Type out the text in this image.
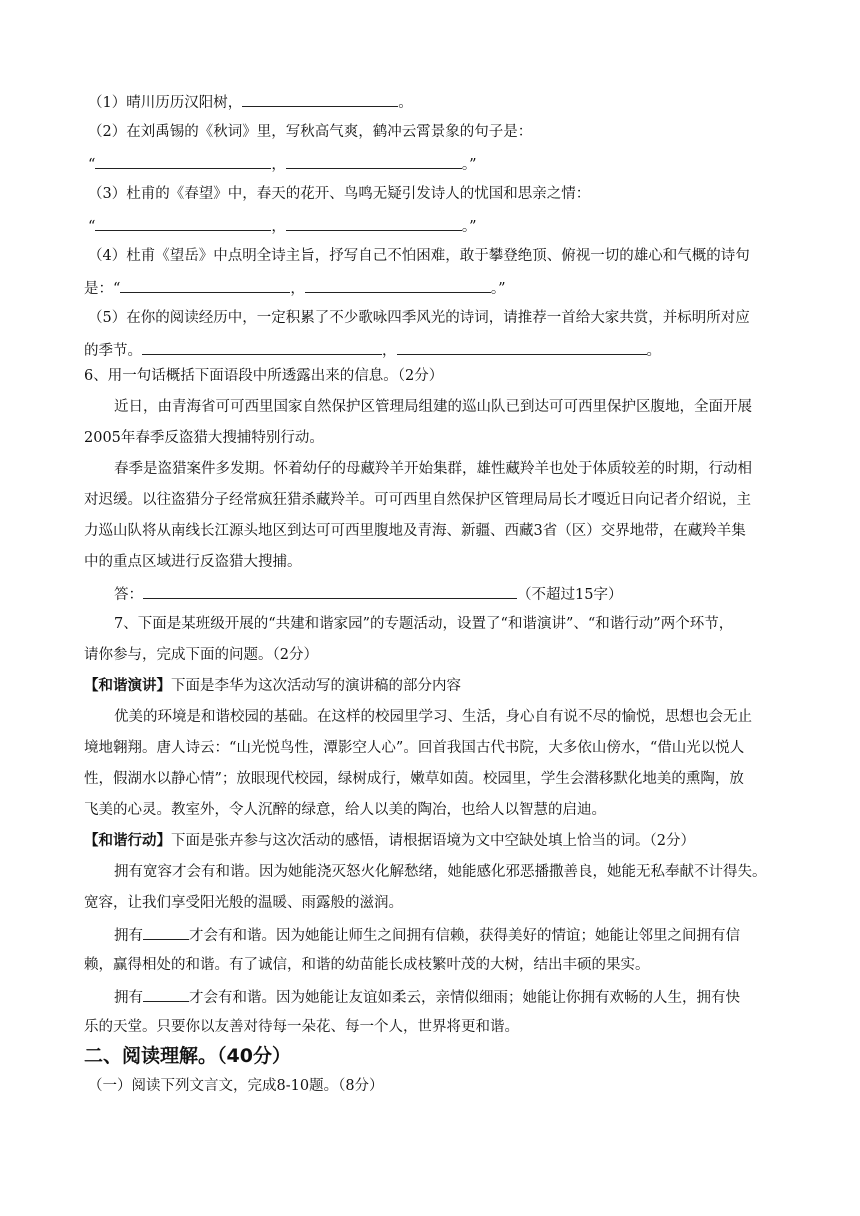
（1）晴川历历汉阳树，	。
（2）在刘禹锡的《秋词》里，写秋高气爽，鹤冲云霄景象的句子是：
“	，	。”
（3）杜甫的《春望》中，春天的花开、鸟鸣无疑引发诗人的忧国和思亲之情：
“	，	。”
（4）杜甫《望岳》中点明全诗主旨，抒写自己不怕困难，敢于攀登绝顶、俯视一切的雄心和气概的诗句
是：“	，	。”
（5）在你的阅读经历中，一定积累了不少歌咏四季风光的诗词，请推荐一首给大家共赏，并标明所对应
的季节。	，	。
6、用一句话概括下面语段中所透露出来的信息。（2分）
近日，由青海省可可西里国家自然保护区管理局组建的巡山队已到达可可西里保护区腹地，全面开展
2005年春季反盗猎大搜捕特别行动。
春季是盗猎案件多发期。怀着幼仔的母藏羚羊开始集群，雄性藏羚羊也处于体质较差的时期，行动相
对迟缓。以往盗猎分子经常疯狂猎杀藏羚羊。可可西里自然保护区管理局局长才嘎近日向记者介绍说，主
力巡山队将从南线长江源头地区到达可可西里腹地及青海、新疆、西藏3省（区）交界地带，在藏羚羊集
中的重点区域进行反盗猎大搜捕。
答：	（不超过15字）
7、下面是某班级开展的“共建和谐家园”的专题活动，设置了“和谐演讲”、“和谐行动”两个环节，
请你参与，完成下面的问题。（2分）
【和谐演讲】下面是李华为这次活动写的演讲稿的部分内容
优美的环境是和谐校园的基础。在这样的校园里学习、生活，身心自有说不尽的愉悦，思想也会无止
境地翱翔。唐人诗云：“山光悦鸟性，潭影空人心”。回首我国古代书院，大多依山傍水，“借山光以悦人
性，假湖水以静心情”；放眼现代校园，绿树成行，嫩草如茵。校园里，学生会潜移默化地美的熏陶，放
飞美的心灵。教室外，令人沉醉的绿意，给人以美的陶冶，也给人以智慧的启迪。
【和谐行动】下面是张卉参与这次活动的感悟，请根据语境为文中空缺处填上恰当的词。（2分）
拥有宽容才会有和谐。因为她能浇灭怒火化解愁绪，她能感化邪恶播撒善良，她能无私奉献不计得失。
宽容，让我们享受阳光般的温暖、雨露般的滋润。
拥有	才会有和谐。因为她能让师生之间拥有信赖，获得美好的情谊；她能让邻里之间拥有信
赖，赢得相处的和谐。有了诚信，和谐的幼苗能长成枝繁叶茂的大树，结出丰硕的果实。
拥有	才会有和谐。因为她能让友谊如柔云，亲情似细雨；她能让你拥有欢畅的人生，拥有快
乐的天堂。只要你以友善对待每一朵花、每一个人，世界将更和谐。
二、阅读理解。（40分）
（一）阅读下列文言文，完成8-10题。（8分）
